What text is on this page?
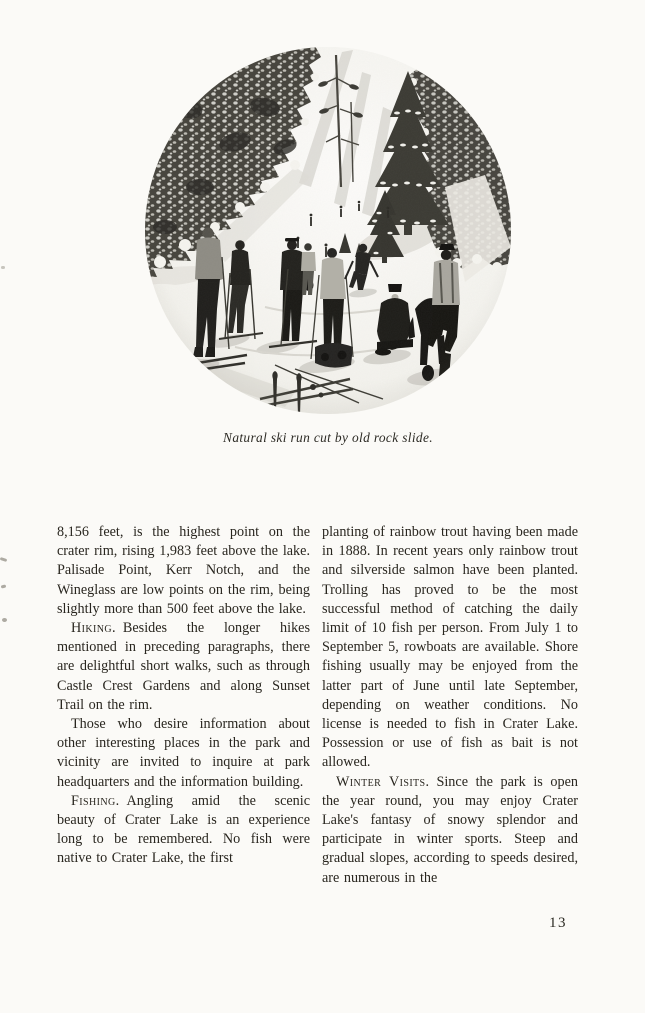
Natural ski run cut by old rock slide.

8,156 feet, is the highest point on the crater rim, rising 1,983 feet above the lake. Palisade Point, Kerr Notch, and the Wineglass are low points on the rim, being slightly more than 500 feet above the lake.

Hiking. Besides the longer hikes mentioned in preceding paragraphs, there are delightful short walks, such as through Castle Crest Gardens and along Sunset Trail on the rim.

Those who desire information about other interesting places in the park and vicinity are invited to inquire at park headquarters and the information building.

Fishing. Angling amid the scenic beauty of Crater Lake is an experience long to be remembered. No fish were native to Crater Lake, the first

planting of rainbow trout having been made in 1888. In recent years only rainbow trout and silverside salmon have been planted. Trolling has proved to be the most successful method of catching the daily limit of 10 fish per person. From July 1 to September 5, rowboats are available. Shore fishing usually may be enjoyed from the latter part of June until late September, depending on weather conditions. No license is needed to fish in Crater Lake. Possession or use of fish as bait is not allowed.

Winter Visits. Since the park is open the year round, you may enjoy Crater Lake's fantasy of snowy splendor and participate in winter sports. Steep and gradual slopes, according to speeds desired, are numerous in the

13
